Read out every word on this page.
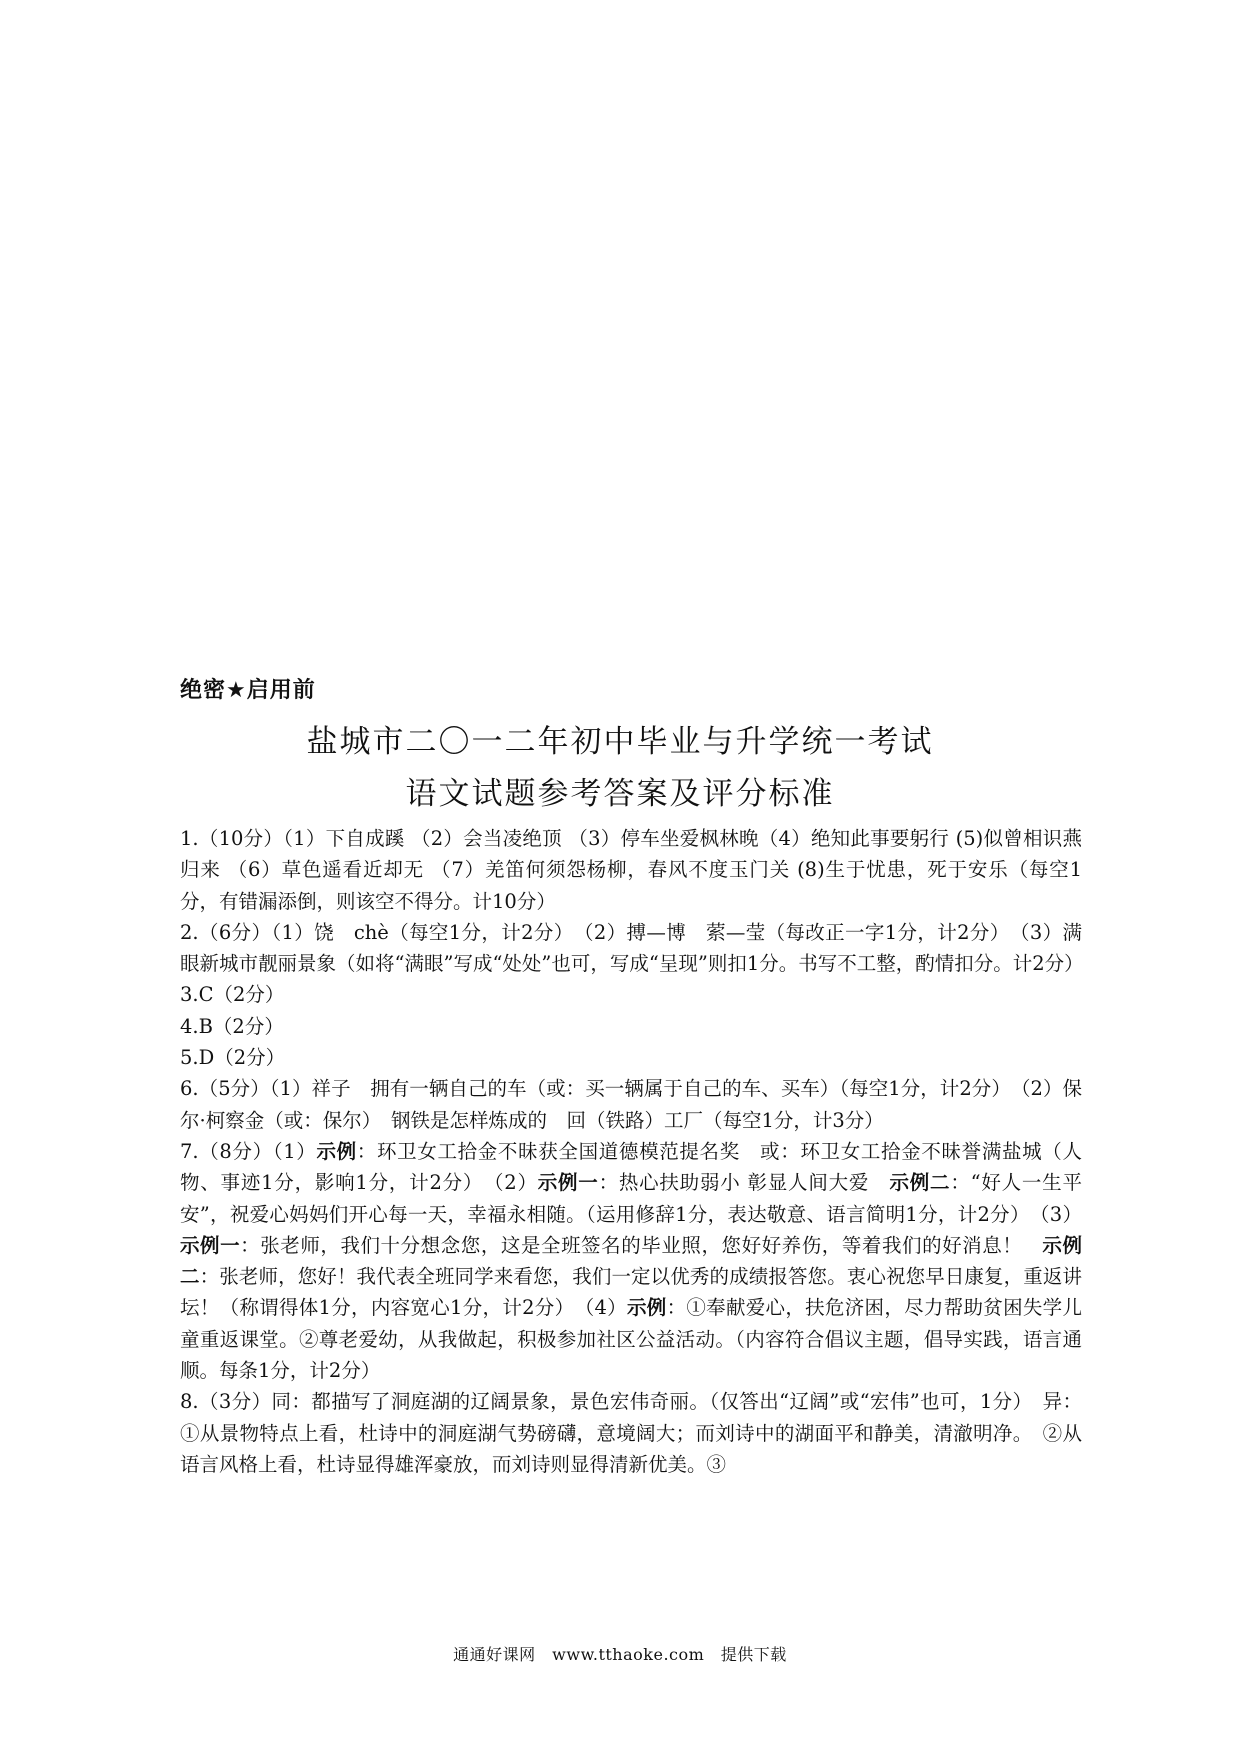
绝密★启用前
盐城市二〇一二年初中毕业与升学统一考试
语文试题参考答案及评分标准

1.（10分）（1）下自成蹊 （2）会当凌绝顶 （3）停车坐爱枫林晚（4）绝知此事要躬行 (5)似曾相识燕归来 （6）草色遥看近却无 （7）羌笛何须怨杨柳，春风不度玉门关 (8)生于忧患，死于安乐（每空1分，有错漏添倒，则该空不得分。计10分）

2.（6分）（1）饶　chè（每空1分，计2分）　（2）搏—博　萦—莹（每改正一字1分，计2分）　（3）满眼新城市靓丽景象（如将“满眼”写成“处处”也可，写成“呈现”则扣1分。书写不工整，酌情扣分。计2分）

3.C（2分）

4.B（2分）

5.D（2分）

6.（5分）（1）祥子　拥有一辆自己的车（或：买一辆属于自己的车、买车）（每空1分，计2分）　（2）保尔·柯察金（或：保尔）　钢铁是怎样炼成的　回（铁路）工厂（每空1分，计3分）

7.（8分）（1）示例：环卫女工拾金不昧获全国道德模范提名奖　或：环卫女工拾金不昧誉满盐城（人物、事迹1分，影响1分，计2分）　（2）示例一：热心扶助弱小 彰显人间大爱　示例二：“好人一生平安”，祝爱心妈妈们开心每一天，幸福永相随。（运用修辞1分，表达敬意、语言简明1分，计2分）　（3）示例一：张老师，我们十分想念您，这是全班签名的毕业照，您好好养伤，等着我们的好消息！　示例二：张老师，您好！我代表全班同学来看您，我们一定以优秀的成绩报答您。衷心祝您早日康复，重返讲坛！（称谓得体1分，内容宽心1分，计2分）　（4）示例：①奉献爱心，扶危济困，尽力帮助贫困失学儿童重返课堂。②尊老爱幼，从我做起，积极参加社区公益活动。（内容符合倡议主题，倡导实践，语言通顺。每条1分，计2分）

8.（3分）同：都描写了洞庭湖的辽阔景象，景色宏伟奇丽。（仅答出“辽阔”或“宏伟”也可，1分）　异：①从景物特点上看，杜诗中的洞庭湖气势磅礴，意境阔大；而刘诗中的湖面平和静美，清澈明净。　②从语言风格上看，杜诗显得雄浑豪放，而刘诗则显得清新优美。③

通通好课网　www.tthaoke.com　提供下载
